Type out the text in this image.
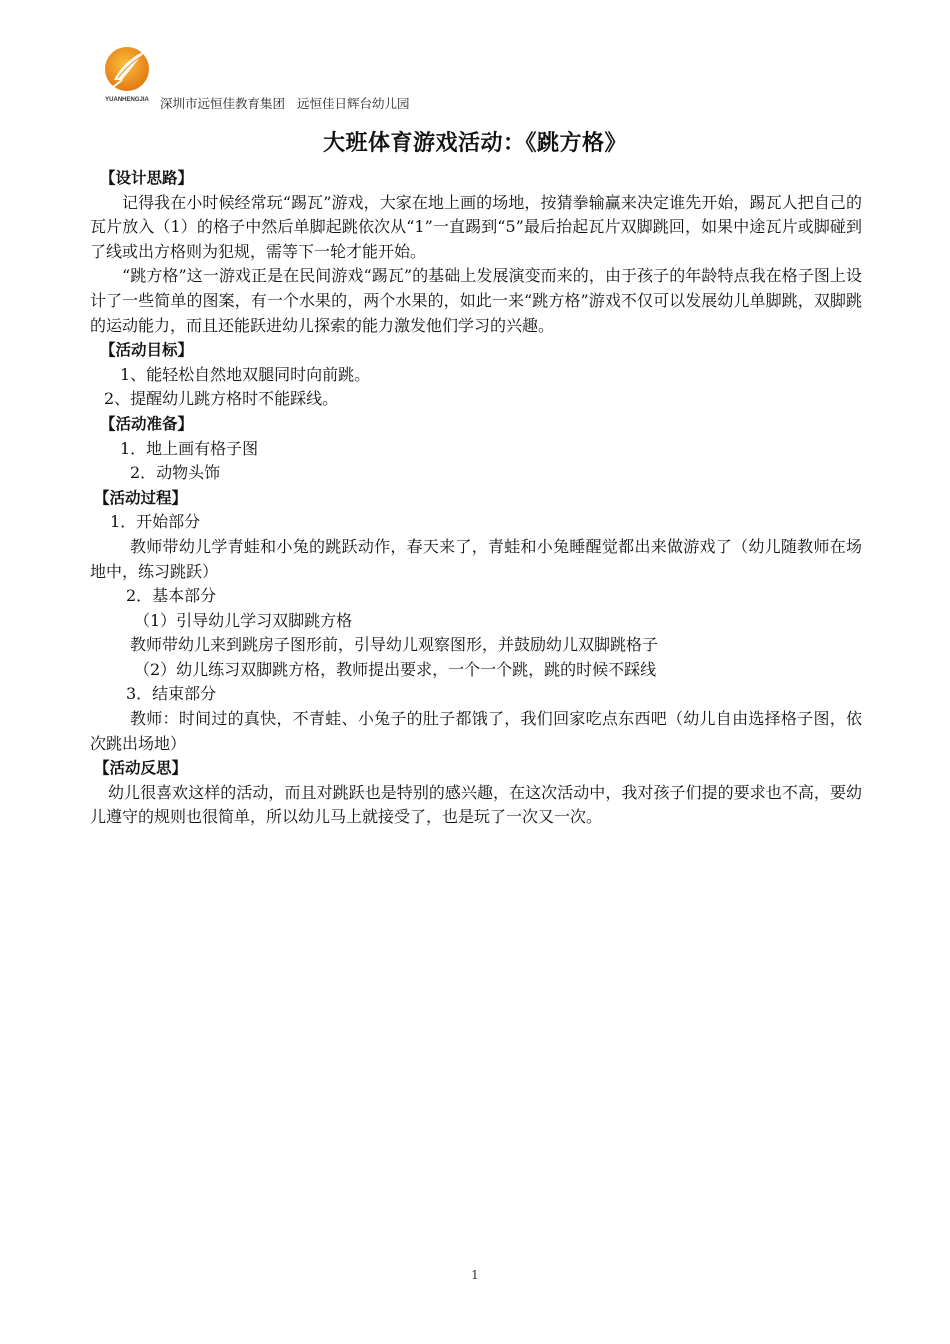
YUANHENGJIA 深圳市远恒佳教育集团 远恒佳日辉台幼儿园
大班体育游戏活动：《跳方格》

【设计思路】

记得我在小时候经常玩“踢瓦”游戏，大家在地上画的场地，按猜拳输赢来决定谁先开始，踢瓦人把自己的瓦片放入（1）的格子中然后单脚起跳依次从“1”一直踢到“5”最后抬起瓦片双脚跳回，如果中途瓦片或脚碰到了线或出方格则为犯规，需等下一轮才能开始。

“跳方格”这一游戏正是在民间游戏“踢瓦”的基础上发展演变而来的，由于孩子的年龄特点我在格子图上设计了一些简单的图案，有一个水果的，两个水果的，如此一来“跳方格”游戏不仅可以发展幼儿单脚跳，双脚跳的运动能力，而且还能跃进幼儿探索的能力激发他们学习的兴趣。

【活动目标】

1、能轻松自然地双腿同时向前跳。

2、提醒幼儿跳方格时不能踩线。

【活动准备】

1．地上画有格子图

2．动物头饰

【活动过程】

1．开始部分

教师带幼儿学青蛙和小兔的跳跃动作，春天来了，青蛙和小兔睡醒觉都出来做游戏了（幼儿随教师在场地中，练习跳跃）

2．基本部分

（1）引导幼儿学习双脚跳方格

教师带幼儿来到跳房子图形前，引导幼儿观察图形，并鼓励幼儿双脚跳格子

（2）幼儿练习双脚跳方格，教师提出要求，一个一个跳，跳的时候不踩线

3．结束部分

教师：时间过的真快，不青蛙、小兔子的肚子都饿了，我们回家吃点东西吧（幼儿自由选择格子图，依次跳出场地）

【活动反思】

幼儿很喜欢这样的活动，而且对跳跃也是特别的感兴趣，在这次活动中，我对孩子们提的要求也不高，要幼儿遵守的规则也很简单，所以幼儿马上就接受了，也是玩了一次又一次。

1
